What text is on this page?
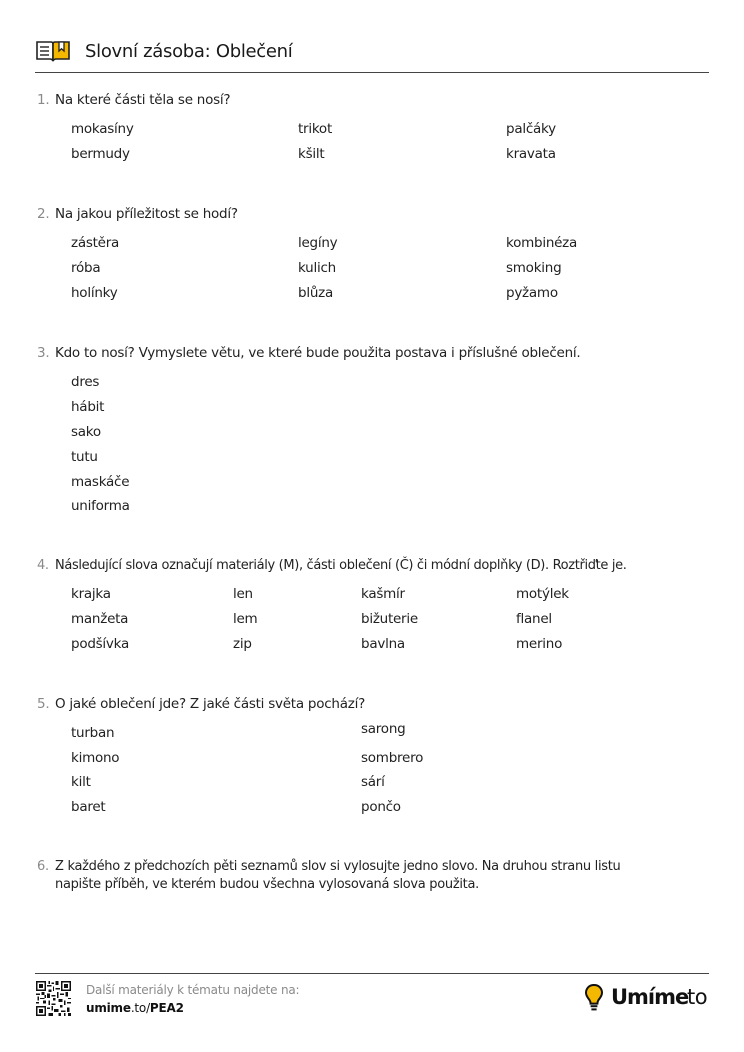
Slovní zásoba: Oblečení
1. Na které části těla se nosí?
mokasíny	trikot	palčáky
bermudy	kšilt	kravata
2. Na jakou příležitost se hodí?
zástěra	legíny	kombinéza
róba	kulich	smoking
holínky	blůza	pyžamo
3. Kdo to nosí? Vymyslete větu, ve které bude použita postava i příslušné oblečení.
dres
hábit
sako
tutu
maskáče
uniforma
4. Následující slova označují materiály (M), části oblečení (Č) či módní doplňky (D). Roztřiďte je.
krajka	len	kašmír	motýlek
manžeta	lem	bižuterie	flanel
podšívka	zip	bavlna	merino
5. O jaké oblečení jde? Z jaké části světa pochází?
turban	sarong
kimono	sombrero
kilt	sárí
baret	pončo
6. Z každého z předchozích pěti seznamů slov si vylosujte jedno slovo. Na druhou stranu listu
napište příběh, ve kterém budou všechna vylosovaná slova použita.
Další materiály k tématu najdete na:
umime.to/PEA2	Umíme
to
